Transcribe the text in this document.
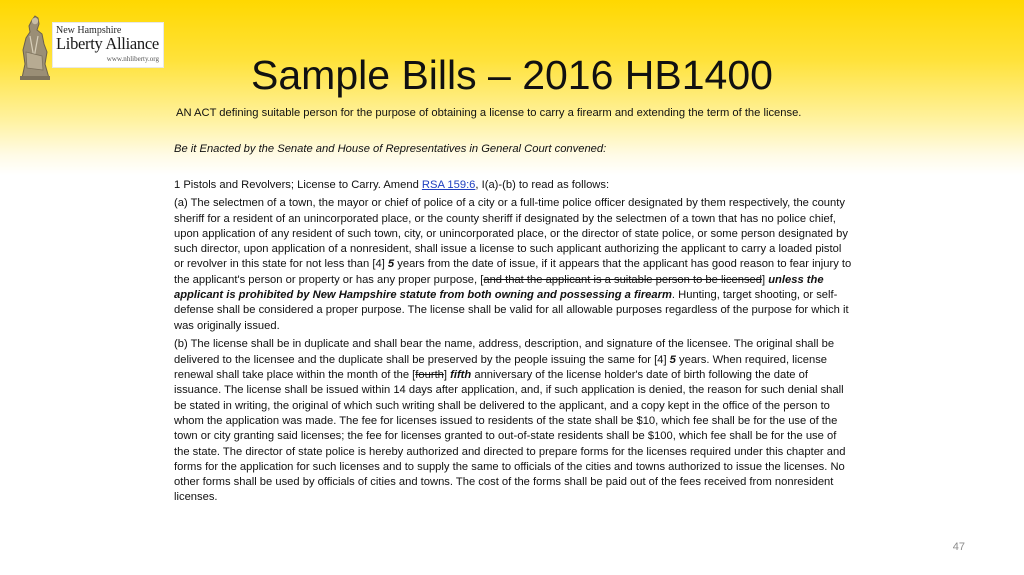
New Hampshire
Liberty Alliance
www.nhliberty.org	Sample Bills – 2016 HB1400
AN ACT defining suitable person for the purpose of obtaining a license to carry a firearm and extending the term of the license.
Be it Enacted by the Senate and House of Representatives in General Court convened:

1 Pistols and Revolvers; License to Carry. Amend RSA 159:6, I(a)-(b) to read as follows:

(a) The selectmen of a town, the mayor or chief of police of a city or a full-time police officer designated by them respectively, the county sheriff for a resident of an unincorporated place, or the county sheriff if designated by the selectmen of a town that has no police chief, upon application of any resident of such town, city, or unincorporated place, or the director of state police, or some person designated by such director, upon application of a nonresident, shall issue a license to such applicant authorizing the applicant to carry a loaded pistol or revolver in this state for not less than [4] 5 years from the date of issue, if it appears that the applicant has good reason to fear injury to the applicant's person or property or has any proper purpose, [and that the applicant is a suitable person to be licensed] unless the applicant is prohibited by New Hampshire statute from both owning and possessing a firearm. Hunting, target shooting, or self-defense shall be considered a proper purpose. The license shall be valid for all allowable purposes regardless of the purpose for which it was originally issued.

(b) The license shall be in duplicate and shall bear the name, address, description, and signature of the licensee. The original shall be delivered to the licensee and the duplicate shall be preserved by the people issuing the same for [4] 5 years. When required, license renewal shall take place within the month of the [fourth] fifth anniversary of the license holder's date of birth following the date of issuance. The license shall be issued within 14 days after application, and, if such application is denied, the reason for such denial shall be stated in writing, the original of which such writing shall be delivered to the applicant, and a copy kept in the office of the person to whom the application was made. The fee for licenses issued to residents of the state shall be $10, which fee shall be for the use of the town or city granting said licenses; the fee for licenses granted to out-of-state residents shall be $100, which fee shall be for the use of the state. The director of state police is hereby authorized and directed to prepare forms for the licenses required under this chapter and forms for the application for such licenses and to supply the same to officials of the cities and towns authorized to issue the licenses. No other forms shall be used by officials of cities and towns. The cost of the forms shall be paid out of the fees received from nonresident licenses.

47
